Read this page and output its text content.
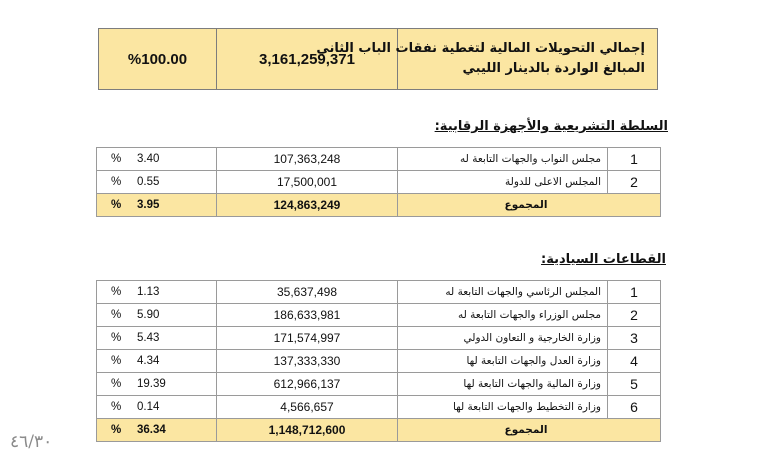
%100.00	3,161,259,371	
إجمالي التحويلات المالية لتغطية نفقات الباب الثاني
المبالغ الواردة بالدينار الليبي
السلطة التشريعية والأجهزة الرقابية:
% 3.40	107,363,248	مجلس النواب والجهات التابعة له	1
% 0.55	17,500,001	المجلس الاعلى للدولة	2
% 3.95	124,863,249	المجموع	
القطاعات السيادية:
% 1.13	35,637,498	المجلس الرئاسي والجهات التابعة له	1
% 5.90	186,633,981	مجلس الوزراء والجهات التابعة له	2
% 5.43	171,574,997	وزارة الخارجية و التعاون الدولي	3
% 4.34	137,333,330	وزارة العدل والجهات التابعة لها	4
% 19.39	612,966,137	وزارة المالية والجهات التابعة لها	5
% 0.14	4,566,657	وزارة التخطيط والجهات التابعة لها	6
% 36.34	1,148,712,600	المجموع	
٤٦/٣٠
